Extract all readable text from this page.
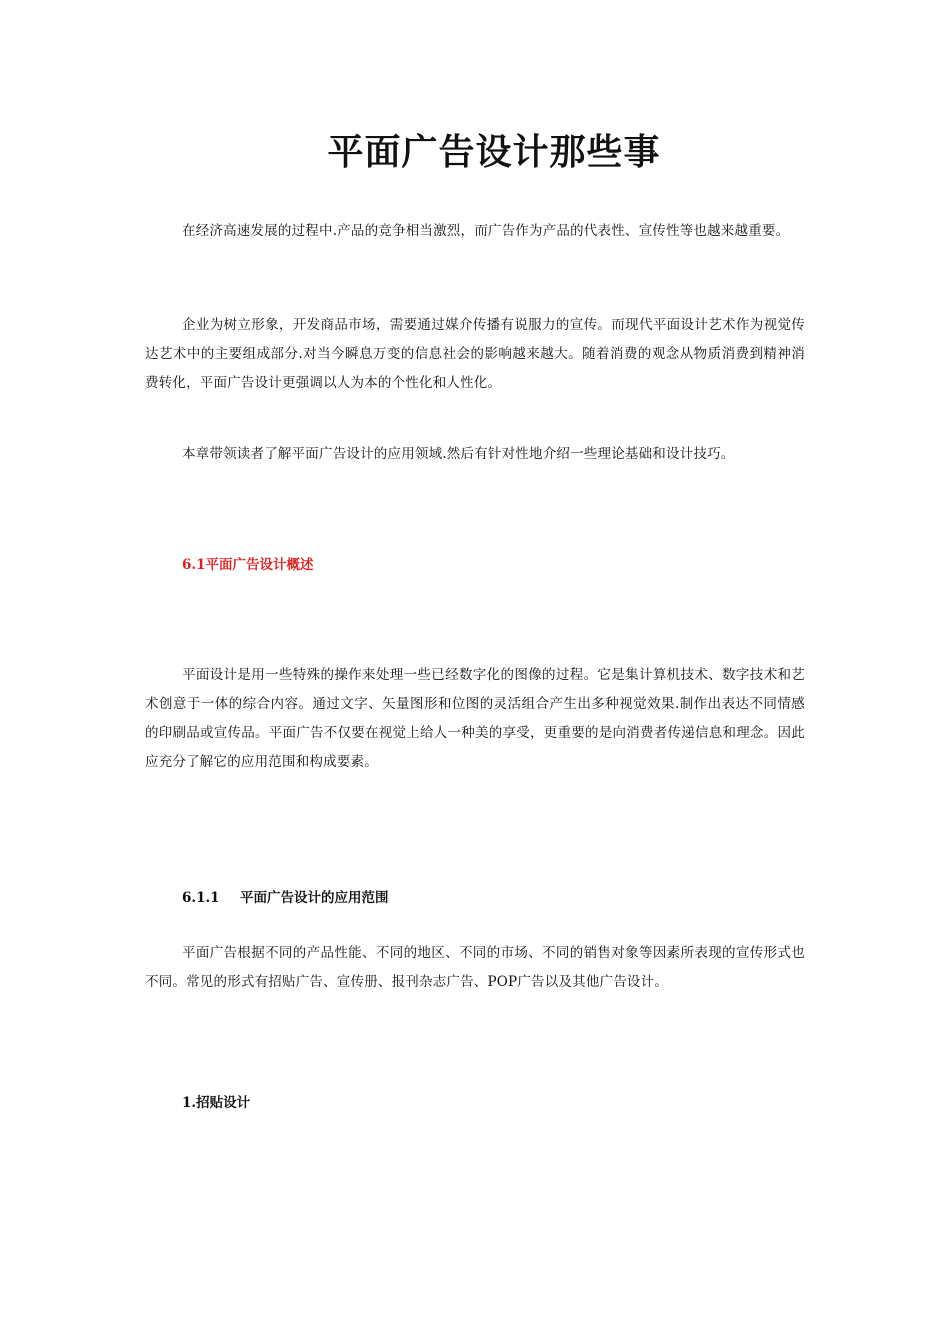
平面广告设计那些事

在经济高速发展的过程中.产品的竞争相当激烈，而广告作为产品的代表性、宣传性等也越来越重要。

企业为树立形象，开发商品市场，需要通过媒介传播有说服力的宣传。而现代平面设计艺术作为视觉传达艺术中的主要组成部分.对当今瞬息万变的信息社会的影响越来越大。随着消费的观念从物质消费到精神消费转化，平面广告设计更强调以人为本的个性化和人性化。

本章带领读者了解平面广告设计的应用领域.然后有针对性地介绍一些理论基础和设计技巧。

6.1平面广告设计概述

平面设计是用一些特殊的操作来处理一些已经数字化的图像的过程。它是集计算机技术、数字技术和艺术创意于一体的综合内容。通过文字、矢量图形和位图的灵活组合产生出多种视觉效果.制作出表达不同情感的印刷品或宣传品。平面广告不仅要在视觉上给人一种美的享受，更重要的是向消费者传递信息和理念。因此应充分了解它的应用范围和构成要素。

6.1.1 平面广告设计的应用范围

平面广告根据不同的产品性能、不同的地区、不同的市场、不同的销售对象等因素所表现的宣传形式也不同。常见的形式有招贴广告、宣传册、报刊杂志广告、POP广告以及其他广告设计。

1.招贴设计
